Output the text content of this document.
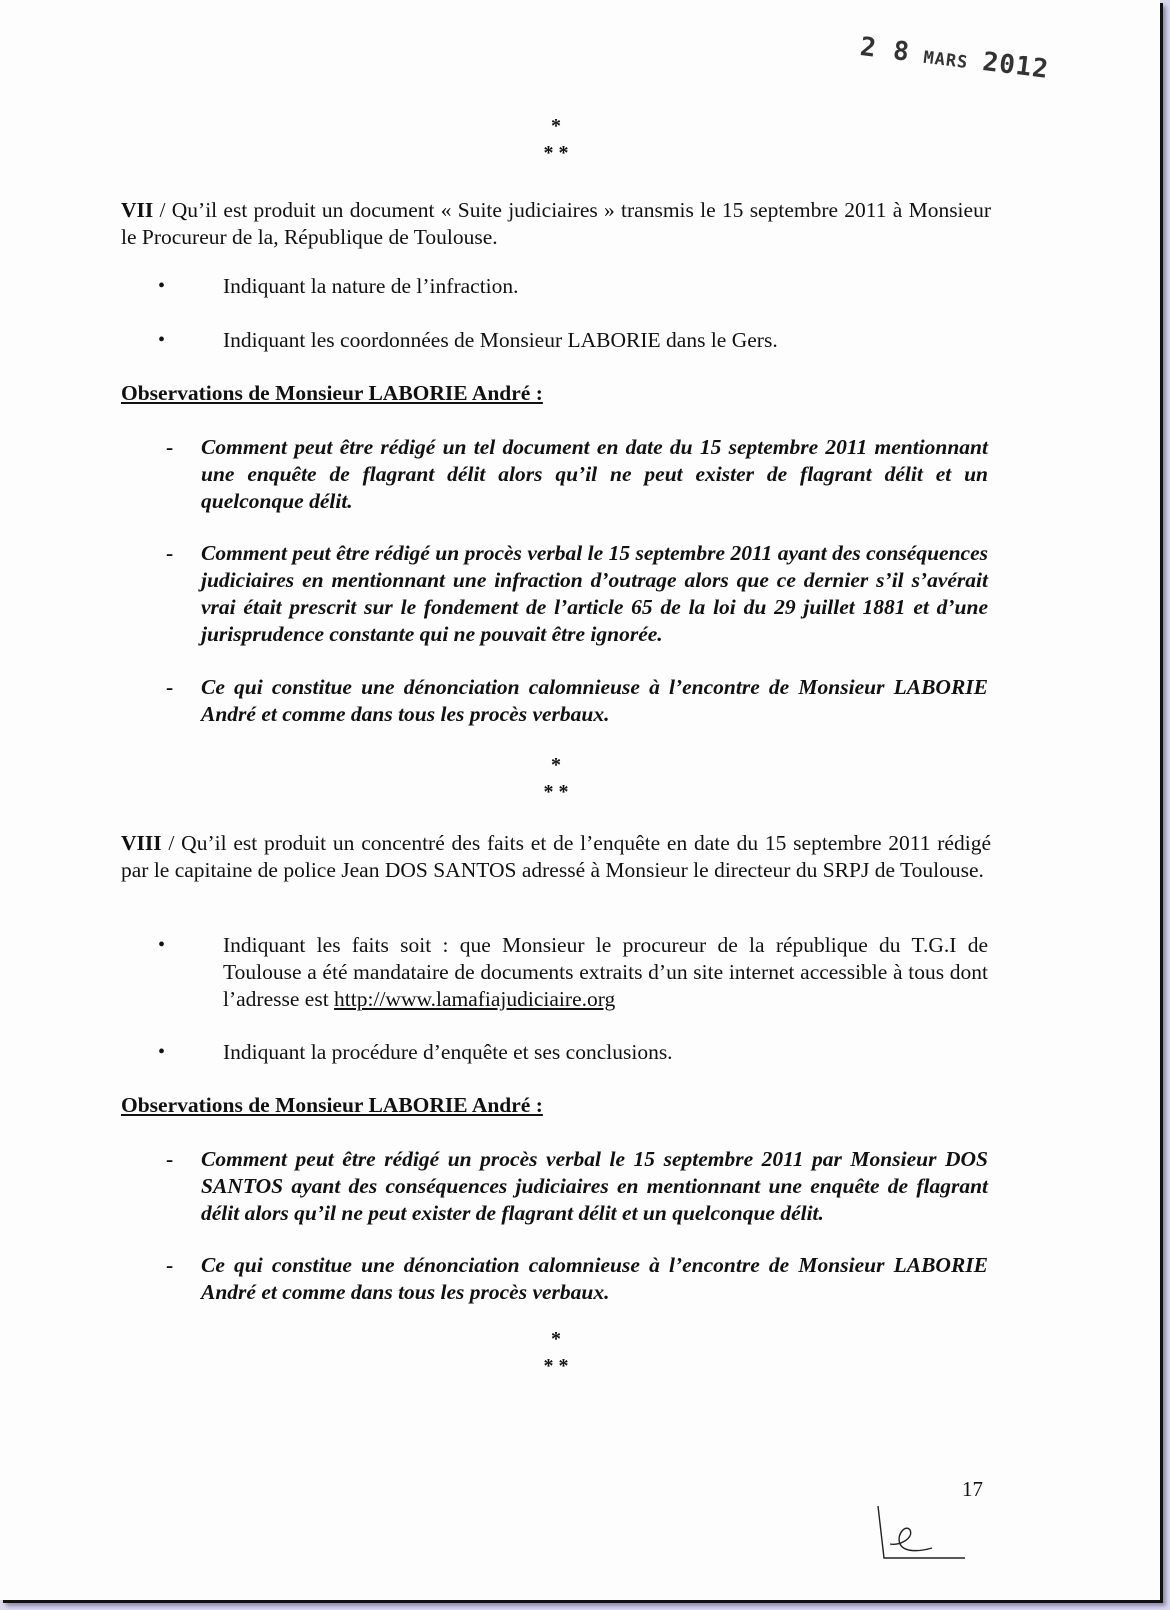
2 8 MARS 2012
*
* *
VII / Qu’il est produit un document « Suite judiciaires » transmis le 15 septembre 2011 à Monsieur le Procureur de la, République de Toulouse.
•	Indiquant la nature de l’infraction.
•	Indiquant les coordonnées de Monsieur LABORIE dans le Gers.
Observations de Monsieur LABORIE André :
- Comment peut être rédigé un tel document en date du 15 septembre 2011 mentionnant une enquête de flagrant délit alors qu’il ne peut exister de flagrant délit et un quelconque délit.
- Comment peut être rédigé un procès verbal le 15 septembre 2011 ayant des conséquences judiciaires en mentionnant une infraction d’outrage alors que ce dernier s’il s’avérait vrai était prescrit sur le fondement de l’article 65 de la loi du 29 juillet 1881 et d’une jurisprudence constante qui ne pouvait être ignorée.
- Ce qui constitue une dénonciation calomnieuse à l’encontre de Monsieur LABORIE André et comme dans tous les procès verbaux.
*
* *
VIII / Qu’il est produit un concentré des faits et de l’enquête en date du 15 septembre 2011 rédigé par le capitaine de police Jean DOS SANTOS adressé à Monsieur le directeur du SRPJ de Toulouse.
•	Indiquant les faits soit : que Monsieur le procureur de la république du T.G.I de Toulouse a été mandataire de documents extraits d’un site internet accessible à tous dont l’adresse est http://www.lamafiajudiciaire.org
•	Indiquant la procédure d’enquête et ses conclusions.
Observations de Monsieur LABORIE André :
- Comment peut être rédigé un procès verbal le 15 septembre 2011 par Monsieur DOS SANTOS ayant des conséquences judiciaires en mentionnant une enquête de flagrant délit alors qu’il ne peut exister de flagrant délit et un quelconque délit.
- Ce qui constitue une dénonciation calomnieuse à l’encontre de Monsieur LABORIE André et comme dans tous les procès verbaux.
*
* *
17
